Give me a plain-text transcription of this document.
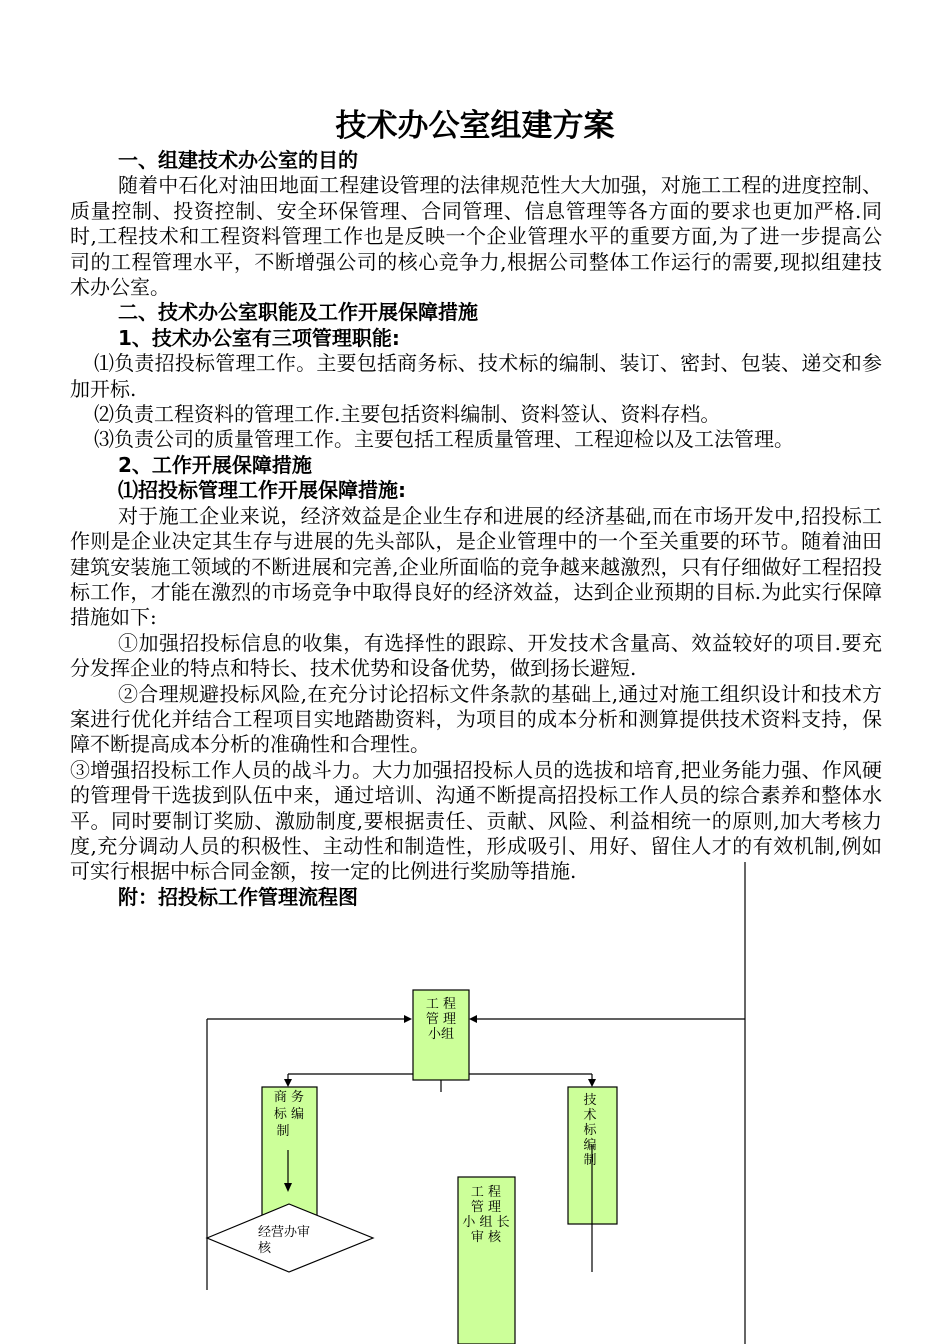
技术办公室组建方案

一、组建技术办公室的目的

随着中石化对油田地面工程建设管理的法律规范性大大加强，对施工工程的进度控制、质量控制、投资控制、安全环保管理、合同管理、信息管理等各方面的要求也更加严格.同时,工程技术和工程资料管理工作也是反映一个企业管理水平的重要方面,为了进一步提高公司的工程管理水平，不断增强公司的核心竞争力,根据公司整体工作运行的需要,现拟组建技术办公室。

二、技术办公室职能及工作开展保障措施

1、技术办公室有三项管理职能:

⑴负责招投标管理工作。主要包括商务标、技术标的编制、装订、密封、包装、递交和参加开标.

⑵负责工程资料的管理工作.主要包括资料编制、资料签认、资料存档。

⑶负责公司的质量管理工作。主要包括工程质量管理、工程迎检以及工法管理。

2、工作开展保障措施

⑴招投标管理工作开展保障措施:

对于施工企业来说，经济效益是企业生存和进展的经济基础,而在市场开发中,招投标工作则是企业决定其生存与进展的先头部队，是企业管理中的一个至关重要的环节。随着油田建筑安装施工领域的不断进展和完善,企业所面临的竞争越来越激烈，只有仔细做好工程招投标工作，才能在激烈的市场竞争中取得良好的经济效益，达到企业预期的目标.为此实行保障措施如下:

①加强招投标信息的收集，有选择性的跟踪、开发技术含量高、效益较好的项目.要充分发挥企业的特点和特长、技术优势和设备优势，做到扬长避短.

②合理规避投标风险,在充分讨论招标文件条款的基础上,通过对施工组织设计和技术方案进行优化并结合工程项目实地踏勘资料，为项目的成本分析和测算提供技术资料支持，保障不断提高成本分析的准确性和合理性。

③增强招投标工作人员的战斗力。大力加强招投标人员的选拔和培育,把业务能力强、作风硬的管理骨干选拔到队伍中来，通过培训、沟通不断提高招投标工作人员的综合素养和整体水平。同时要制订奖励、激励制度,要根据责任、贡献、风险、利益相统一的原则,加大考核力度,充分调动人员的积极性、主动性和制造性，形成吸引、用好、留住人才的有效机制,例如可实行根据中标合同金额，按一定的比例进行奖励等措施.

附：招投标工作管理流程图

工 程
管 理
小组
商 务
标 编
制
技
术
标
编
制
工 程
管 理
小 组 长
审 核
经营办审
核
